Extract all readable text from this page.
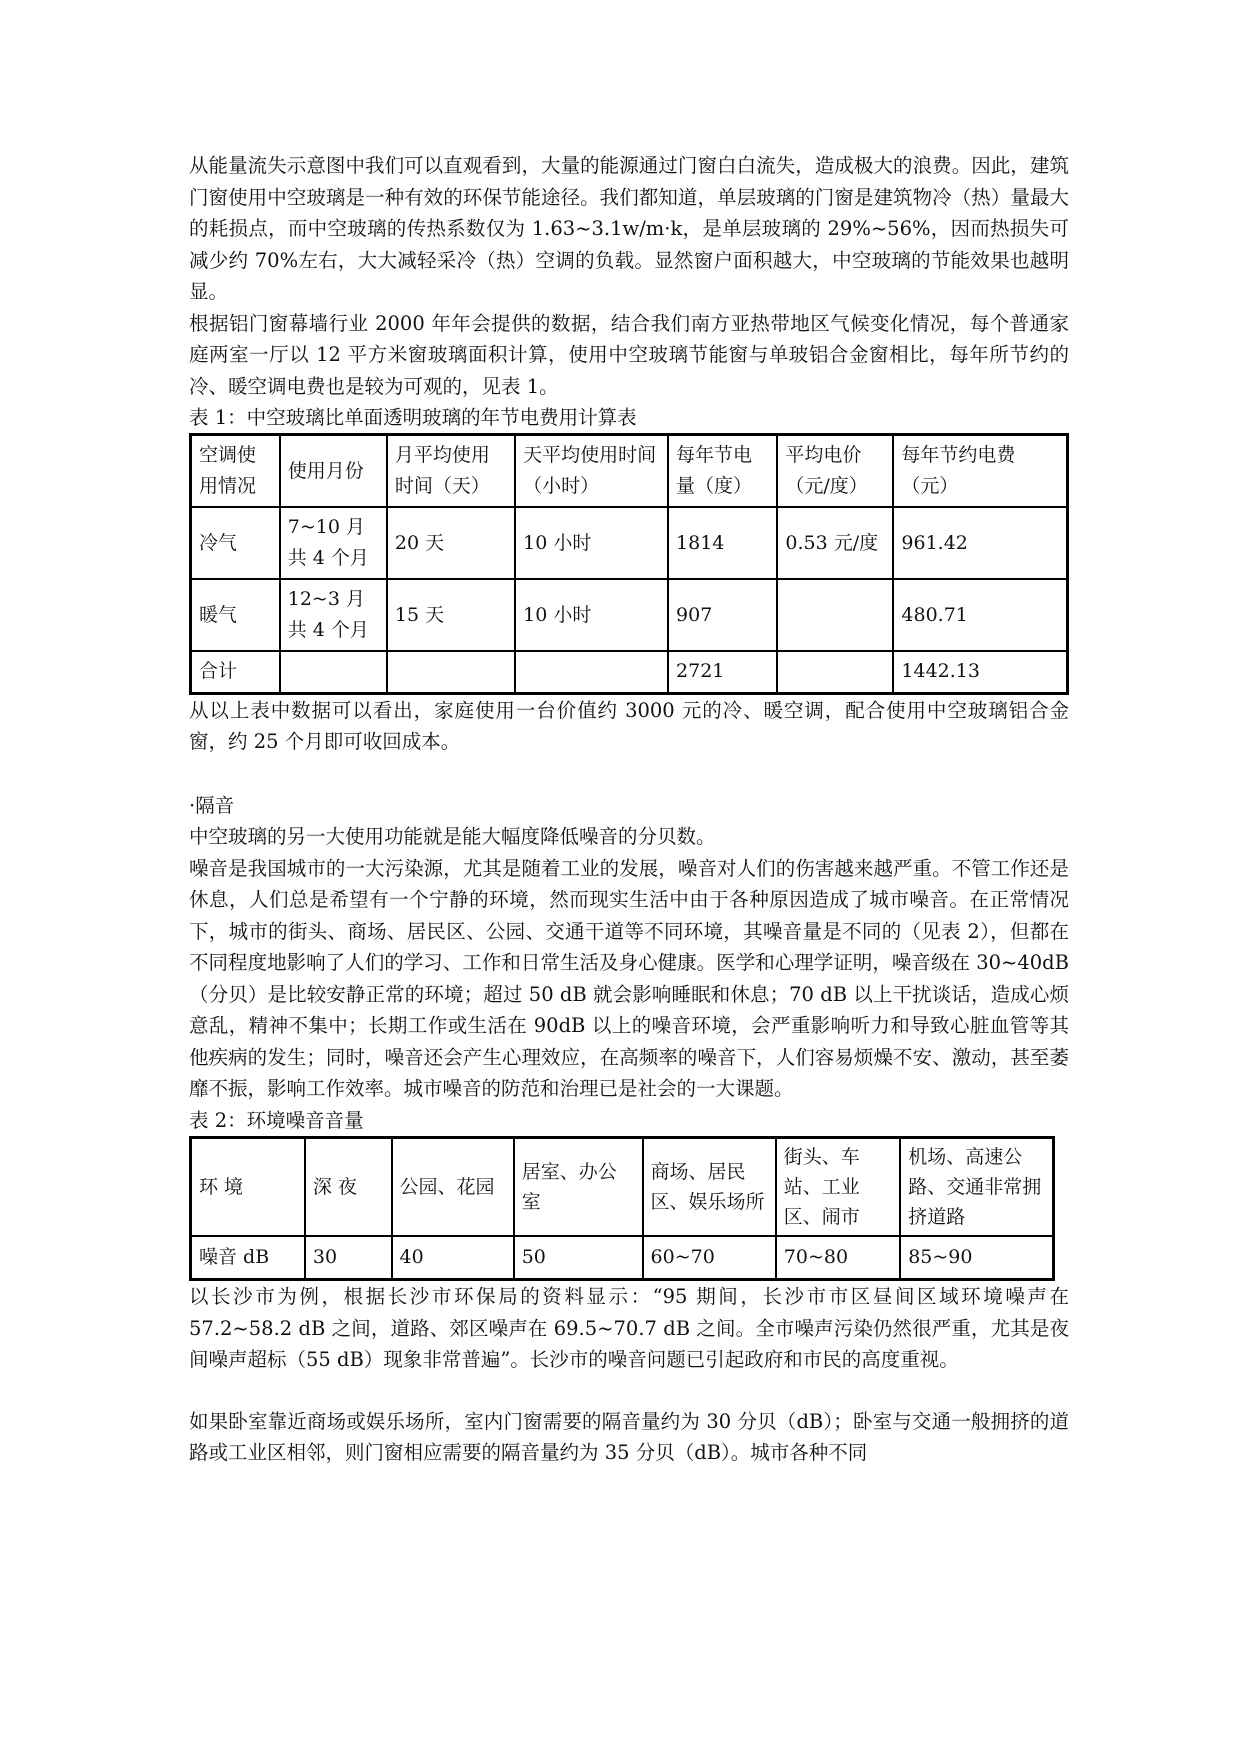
从能量流失示意图中我们可以直观看到，大量的能源通过门窗白白流失，造成极大的浪费。因此，建筑门窗使用中空玻璃是一种有效的环保节能途径。我们都知道，单层玻璃的门窗是建筑物冷（热）量最大的耗损点，而中空玻璃的传热系数仅为 1.63~3.1w/m·k，是单层玻璃的 29%~56%，因而热损失可减少约 70%左右，大大减轻采冷（热）空调的负载。显然窗户面积越大，中空玻璃的节能效果也越明显。

根据铝门窗幕墙行业 2000 年年会提供的数据，结合我们南方亚热带地区气候变化情况，每个普通家庭两室一厅以 12 平方米窗玻璃面积计算，使用中空玻璃节能窗与单玻铝合金窗相比，每年所节约的冷、暖空调电费也是较为可观的，见表 1。

表 1：中空玻璃比单面透明玻璃的年节电费用计算表
空调使用情况	使用月份	月平均使用时间（天）	天平均使用时间（小时）	每年节电量（度）	平均电价（元/度）	每年节约电费（元）
冷气	7~10 月共 4 个月	20 天	10 小时	1814	0.53 元/度	961.42
暖气	12~3 月共 4 个月	15 天	10 小时	907		480.71
合计				2721		1442.13

从以上表中数据可以看出，家庭使用一台价值约 3000 元的冷、暖空调，配合使用中空玻璃铝合金窗，约 25 个月即可收回成本。

·隔音

中空玻璃的另一大使用功能就是能大幅度降低噪音的分贝数。

噪音是我国城市的一大污染源，尤其是随着工业的发展，噪音对人们的伤害越来越严重。不管工作还是休息，人们总是希望有一个宁静的环境，然而现实生活中由于各种原因造成了城市噪音。在正常情况下，城市的街头、商场、居民区、公园、交通干道等不同环境，其噪音量是不同的（见表 2），但都在不同程度地影响了人们的学习、工作和日常生活及身心健康。医学和心理学证明，噪音级在 30~40dB（分贝）是比较安静正常的环境；超过 50 dB 就会影响睡眠和休息；70 dB 以上干扰谈话，造成心烦意乱，精神不集中；长期工作或生活在 90dB 以上的噪音环境，会严重影响听力和导致心脏血管等其他疾病的发生；同时，噪音还会产生心理效应，在高频率的噪音下，人们容易烦燥不安、激动，甚至萎靡不振，影响工作效率。城市噪音的防范和治理已是社会的一大课题。

表 2：环境噪音音量
环 境	深 夜	公园、花园	居室、办公室	商场、居民区、娱乐场所	街头、车站、工业区、闹市	机场、高速公路、交通非常拥挤道路
噪音 dB	30	40	50	60~70	70~80	85~90

以长沙市为例，根据长沙市环保局的资料显示：“95 期间，长沙市市区昼间区域环境噪声在 57.2~58.2 dB 之间，道路、郊区噪声在 69.5~70.7 dB 之间。全市噪声污染仍然很严重，尤其是夜间噪声超标（55 dB）现象非常普遍”。长沙市的噪音问题已引起政府和市民的高度重视。

如果卧室靠近商场或娱乐场所，室内门窗需要的隔音量约为 30 分贝（dB）；卧室与交通一般拥挤的道路或工业区相邻，则门窗相应需要的隔音量约为 35 分贝（dB）。城市各种不同
